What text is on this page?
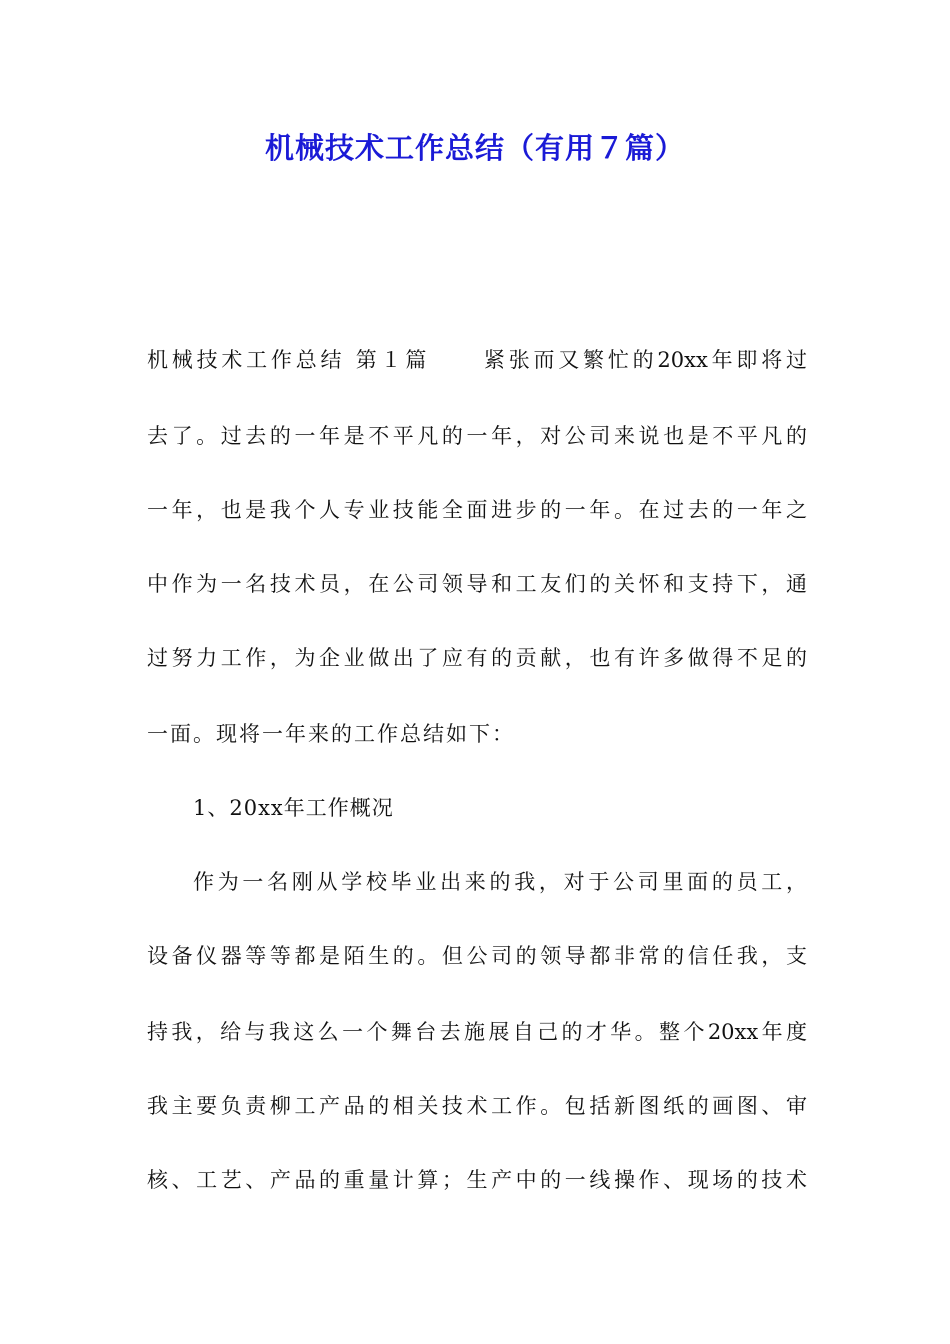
机械技术工作总结（有用７篇）
机械技术工作总结 第１篇 紧张而又繁忙的20xx年即将过
去了。过去的一年是不平凡的一年，对公司来说也是不平凡的
一年，也是我个人专业技能全面进步的一年。在过去的一年之
中作为一名技术员，在公司领导和工友们的关怀和支持下，通
过努力工作，为企业做出了应有的贡献，也有许多做得不足的
一面。现将一年来的工作总结如下：
1、20xx年工作概况
作为一名刚从学校毕业出来的我，对于公司里面的员工，
设备仪器等等都是陌生的。但公司的领导都非常的信任我，支
持我，给与我这么一个舞台去施展自己的才华。整个20xx年度
我主要负责柳工产品的相关技术工作。包括新图纸的画图、审
核、工艺、产品的重量计算；生产中的一线操作、现场的技术
